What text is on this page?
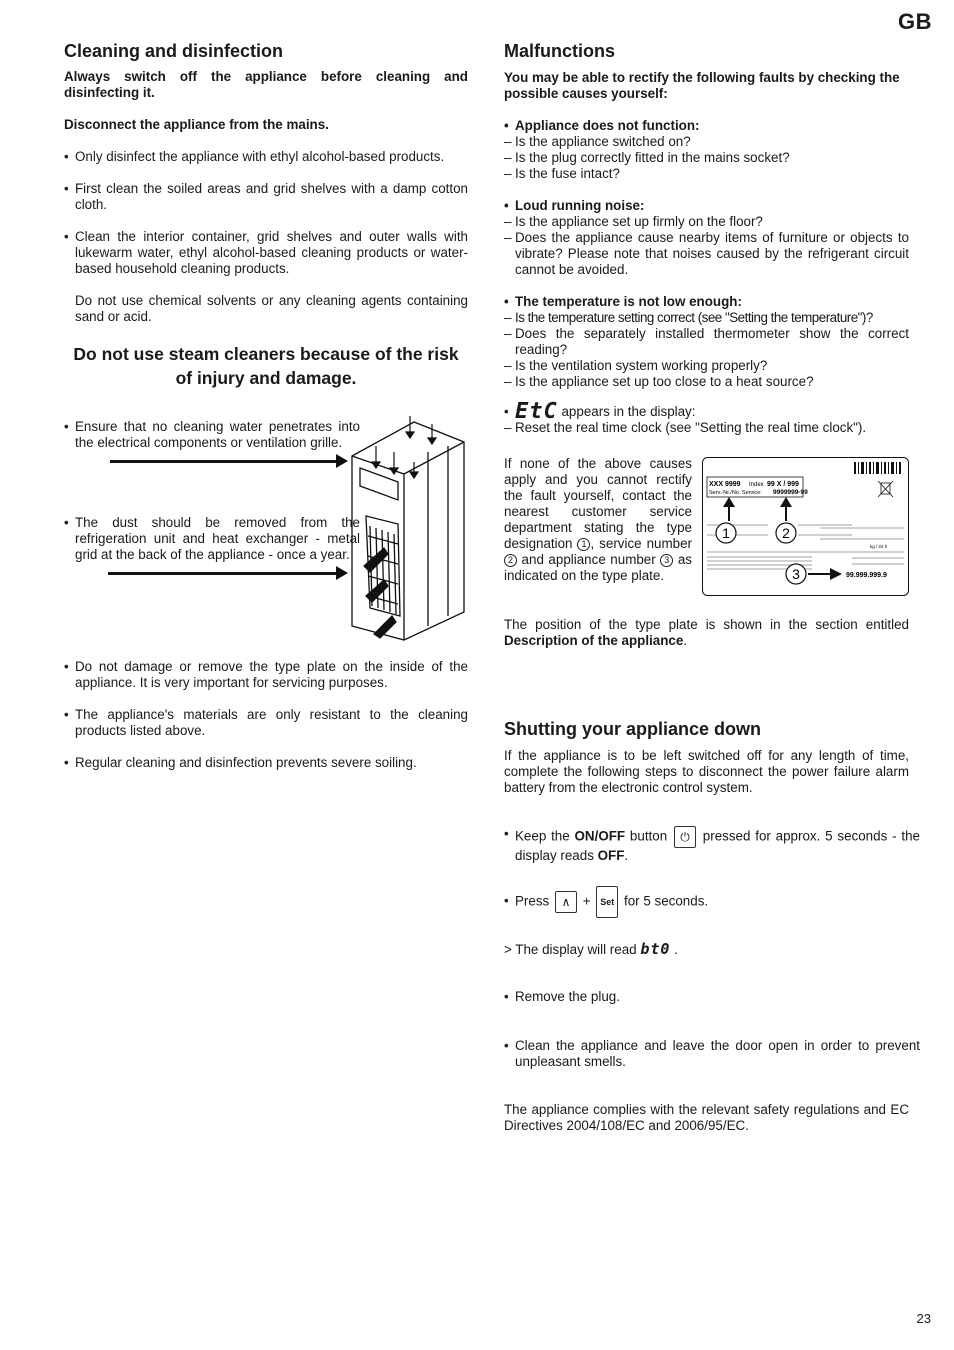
GB
Cleaning and disinfection

Always switch off the appliance before cleaning and disinfecting it.

Disconnect the appliance from the mains.

• Only disinfect the appliance with ethyl alcohol-based products.

• First clean the soiled areas and grid shelves with a damp cotton cloth.

• Clean the interior container, grid shelves and outer walls with lukewarm water, ethyl alcohol-based cleaning products or water-based household cleaning products.

Do not use chemical solvents or any cleaning agents containing sand or acid.

Do not use steam cleaners because of the risk of injury and damage.

• Ensure that no cleaning water penetrates into the electrical components or ventilation grille.

• The dust should be removed from the refrigeration unit and heat exchanger - metal grid at the back of the appliance - once a year.

• Do not damage or remove the type plate on the inside of the appliance. It is very important for servicing purposes.

• The appliance's materials are only resistant to the cleaning products listed above.

• Regular cleaning and disinfection prevents severe soiling.

Malfunctions

You may be able to rectify the following faults by checking the possible causes yourself:

• Appliance does not function:

– Is the appliance switched on?

– Is the plug correctly fitted in the mains socket?

– Is the fuse intact?

• Loud running noise:

– Is the appliance set up firmly on the floor?

– Does the appliance cause nearby items of furniture or objects to vibrate? Please note that noises caused by the refrigerant circuit cannot be avoided.

• The temperature is not low enough:

– Is the temperature setting correct (see "Setting the temperature")?

– Does the separately installed thermometer show the correct reading?

– Is the ventilation system working properly?

– Is the appliance set up too close to a heat source?

• EtC appears in the display:

– Reset the real time clock (see "Setting the real time clock").

If none of the above causes apply and you cannot rectify the fault yourself, contact the nearest customer service department stating the type designation 1 , service number 2 and appliance number 3 as indicated on the type plate.

XXX 9999 Index 99 X / 999
Serv.-Nr./No. Service: 9999999-99
kg / 24 h
99.999.999.9
1	2
3

The position of the type plate is shown in the section entitled Description of the appliance.

Shutting your appliance down

If the appliance is to be left switched off for any length of time, complete the following steps to disconnect the power failure alarm battery from the electronic control system.

• Keep the ON/OFF button ⏻ pressed for approx. 5 seconds - the display reads OFF.

• Press ∧ + Set for 5 seconds.

> The display will read bt0 .

• Remove the plug.

• Clean the appliance and leave the door open in order to prevent unpleasant smells.

The appliance complies with the relevant safety regulations and EC Directives 2004/108/EC and 2006/95/EC.

23
